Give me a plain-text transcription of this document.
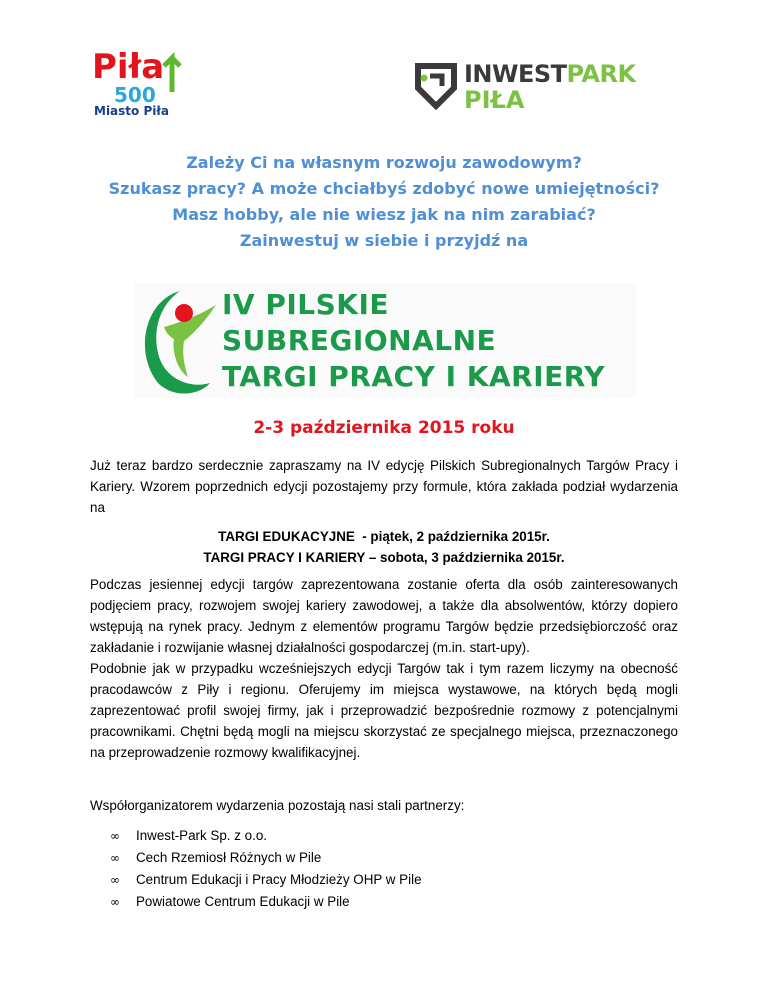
Piła
500
Miasto Piła
INWESTPARK
PIŁA
Zależy Ci na własnym rozwoju zawodowym?
Szukasz pracy? A może chciałbyś zdobyć nowe umiejętności?
Masz hobby, ale nie wiesz jak na nim zarabiać?
Zainwestuj w siebie i przyjdź na
IV PILSKIE
SUBREGIONALNE
TARGI PRACY I KARIERY
2-3 października 2015 roku
Już teraz bardzo serdecznie zapraszamy na IV edycję Pilskich Subregionalnych Targów Pracy i Kariery. Wzorem poprzednich edycji pozostajemy przy formule, która zakłada podział wydarzenia na
TARGI EDUKACYJNE  - piątek, 2 października 2015r.
TARGI PRACY I KARIERY – sobota, 3 października 2015r.
Podczas jesiennej edycji targów zaprezentowana zostanie oferta dla osób zainteresowanych podjęciem pracy, rozwojem swojej kariery zawodowej, a także dla absolwentów, którzy dopiero wstępują na rynek pracy. Jednym z elementów programu Targów będzie przedsiębiorczość oraz zakładanie i rozwijanie własnej działalności gospodarczej (m.in. start-upy).
Podobnie jak w przypadku wcześniejszych edycji Targów tak i tym razem liczymy na obecność pracodawców z Piły i regionu. Oferujemy im miejsca wystawowe, na których będą mogli zaprezentować profil swojej firmy, jak i przeprowadzić bezpośrednie rozmowy z potencjalnymi pracownikami. Chętni będą mogli na miejscu skorzystać ze specjalnego miejsca, przeznaczonego na przeprowadzenie rozmowy kwalifikacyjnej.
Współorganizatorem wydarzenia pozostają nasi stali partnerzy:
∞ Inwest-Park Sp. z o.o.
∞ Cech Rzemiosł Różnych w Pile
∞ Centrum Edukacji i Pracy Młodzieży OHP w Pile
∞ Powiatowe Centrum Edukacji w Pile
